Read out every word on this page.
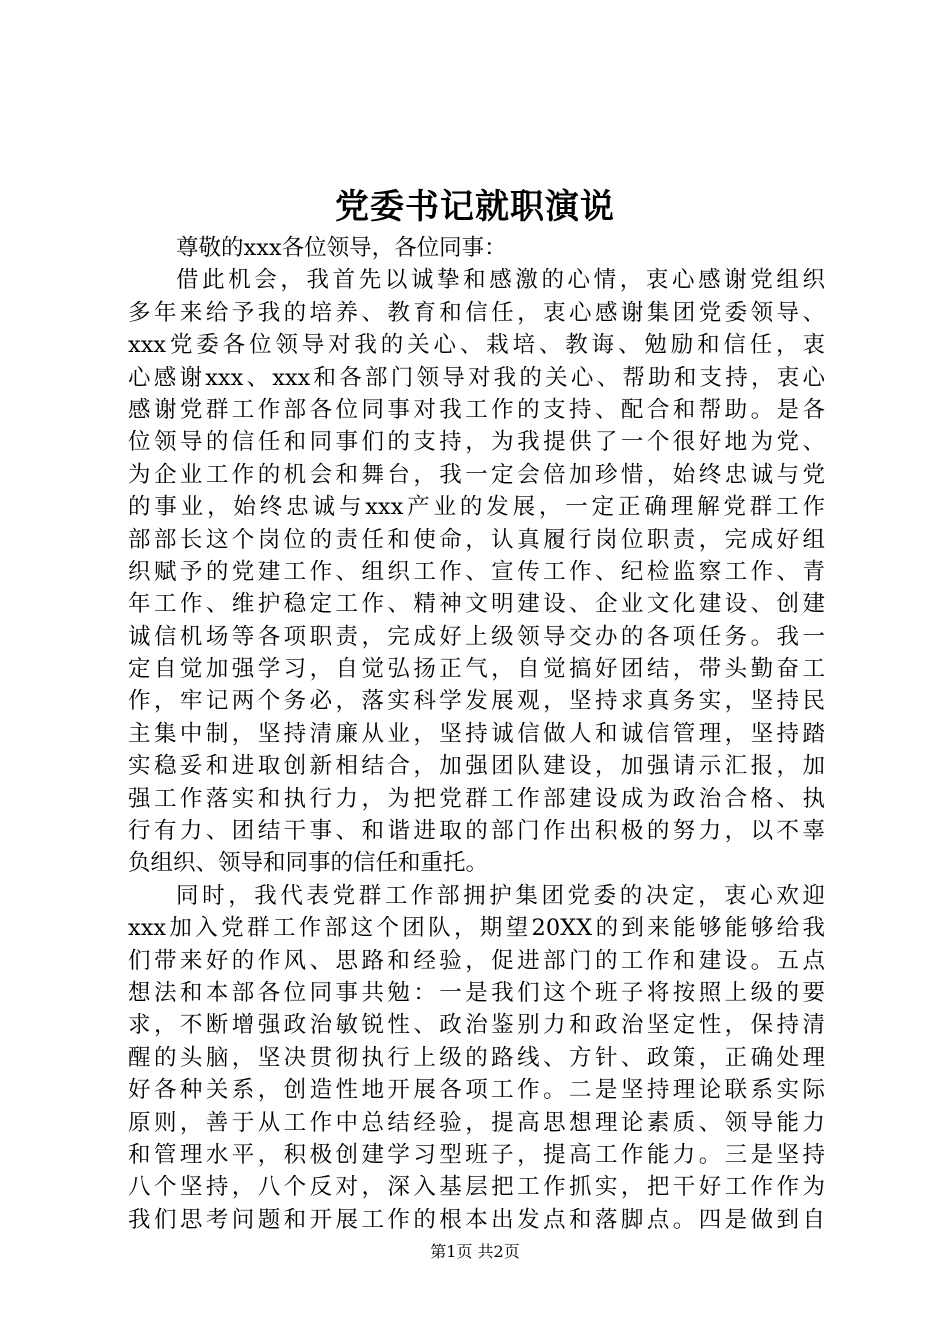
党委书记就职演说
尊敬的xxx各位领导，各位同事：
借此机会，我首先以诚挚和感激的心情，衷心感谢党组织
多年来给予我的培养、教育和信任，衷心感谢集团党委领导、
xxx党委各位领导对我的关心、栽培、教诲、勉励和信任，衷
心感谢xxx、xxx和各部门领导对我的关心、帮助和支持，衷心
感谢党群工作部各位同事对我工作的支持、配合和帮助。是各
位领导的信任和同事们的支持，为我提供了一个很好地为党、
为企业工作的机会和舞台，我一定会倍加珍惜，始终忠诚与党
的事业，始终忠诚与xxx产业的发展，一定正确理解党群工作
部部长这个岗位的责任和使命，认真履行岗位职责，完成好组
织赋予的党建工作、组织工作、宣传工作、纪检监察工作、青
年工作、维护稳定工作、精神文明建设、企业文化建设、创建
诚信机场等各项职责，完成好上级领导交办的各项任务。我一
定自觉加强学习，自觉弘扬正气，自觉搞好团结，带头勤奋工
作，牢记两个务必，落实科学发展观，坚持求真务实，坚持民
主集中制，坚持清廉从业，坚持诚信做人和诚信管理，坚持踏
实稳妥和进取创新相结合，加强团队建设，加强请示汇报，加
强工作落实和执行力，为把党群工作部建设成为政治合格、执
行有力、团结干事、和谐进取的部门作出积极的努力，以不辜
负组织、领导和同事的信任和重托。
同时，我代表党群工作部拥护集团党委的决定，衷心欢迎
xxx加入党群工作部这个团队，期望20XX的到来能够能够给我
们带来好的作风、思路和经验，促进部门的工作和建设。五点
想法和本部各位同事共勉：一是我们这个班子将按照上级的要
求，不断增强政治敏锐性、政治鉴别力和政治坚定性，保持清
醒的头脑，坚决贯彻执行上级的路线、方针、政策，正确处理
好各种关系，创造性地开展各项工作。二是坚持理论联系实际
原则，善于从工作中总结经验，提高思想理论素质、领导能力
和管理水平，积极创建学习型班子，提高工作能力。三是坚持
八个坚持，八个反对，深入基层把工作抓实，把干好工作作为
我们思考问题和开展工作的根本出发点和落脚点。四是做到自
第1页 共2页
